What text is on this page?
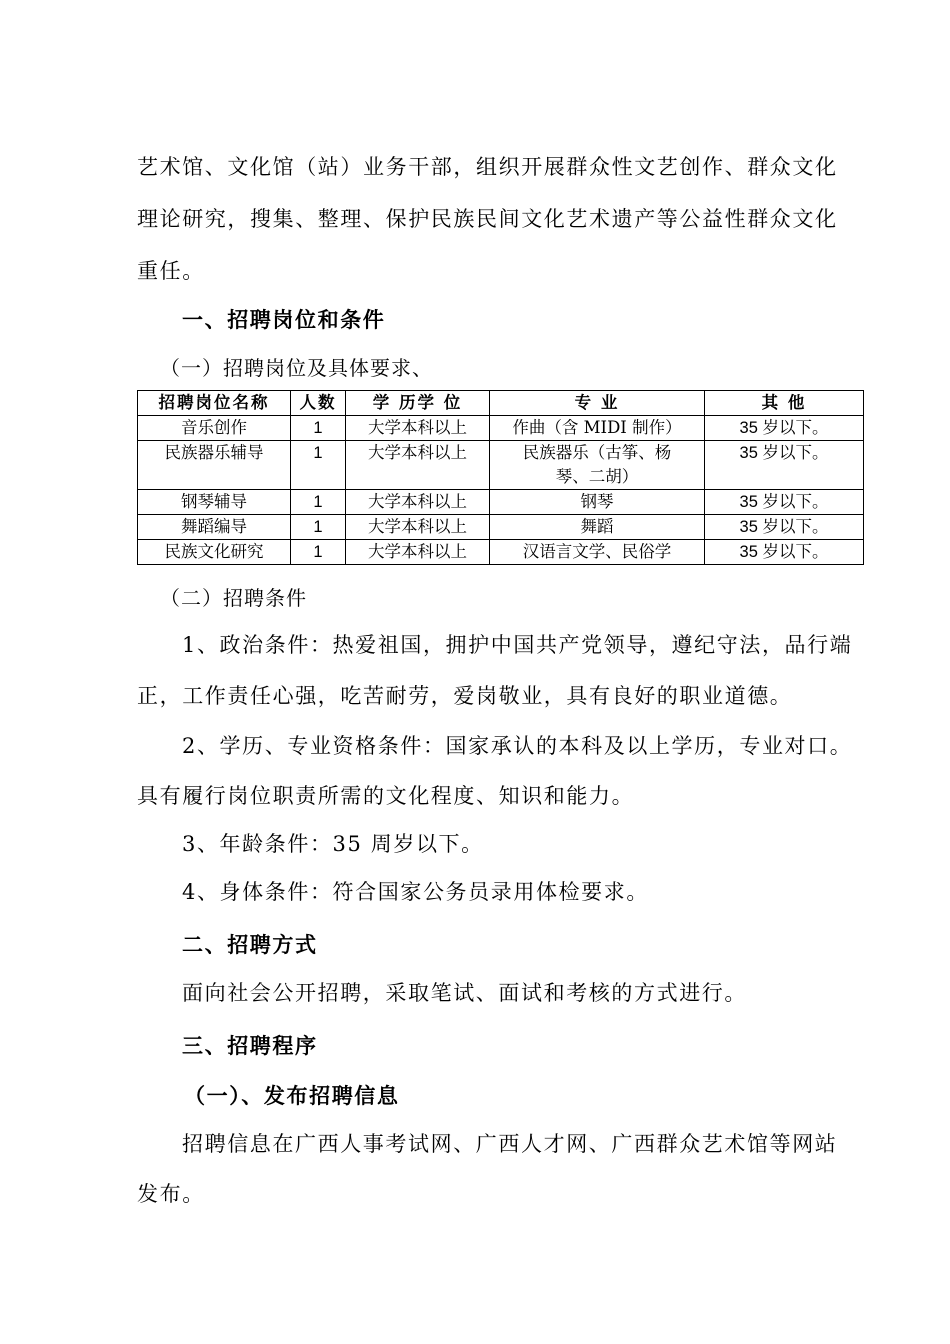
艺术馆、文化馆（站）业务干部，组织开展群众性文艺创作、群众文化
理论研究，搜集、整理、保护民族民间文化艺术遗产等公益性群众文化
重任。
一、招聘岗位和条件
（一）招聘岗位及具体要求、
招聘岗位名称	人数	学 历学 位	专 业	其 他
音乐创作	1	大学本科以上	作曲（含 MIDI 制作）	35 岁以下。
民族器乐辅导	1	大学本科以上	民族器乐（古筝、杨琴、二胡）	35 岁以下。
钢琴辅导	1	大学本科以上	钢琴	35 岁以下。
舞蹈编导	1	大学本科以上	舞蹈	35 岁以下。
民族文化研究	1	大学本科以上	汉语言文学、民俗学	35 岁以下。
（二）招聘条件
1、政治条件：热爱祖国，拥护中国共产党领导，遵纪守法，品行端
正，工作责任心强，吃苦耐劳，爱岗敬业，具有良好的职业道德。
2、学历、专业资格条件：国家承认的本科及以上学历，专业对口。
具有履行岗位职责所需的文化程度、知识和能力。
3、年龄条件：35 周岁以下。
4、身体条件：符合国家公务员录用体检要求。
二、招聘方式
面向社会公开招聘，采取笔试、面试和考核的方式进行。
三、招聘程序
（一）、发布招聘信息
招聘信息在广西人事考试网、广西人才网、广西群众艺术馆等网站
发布。
